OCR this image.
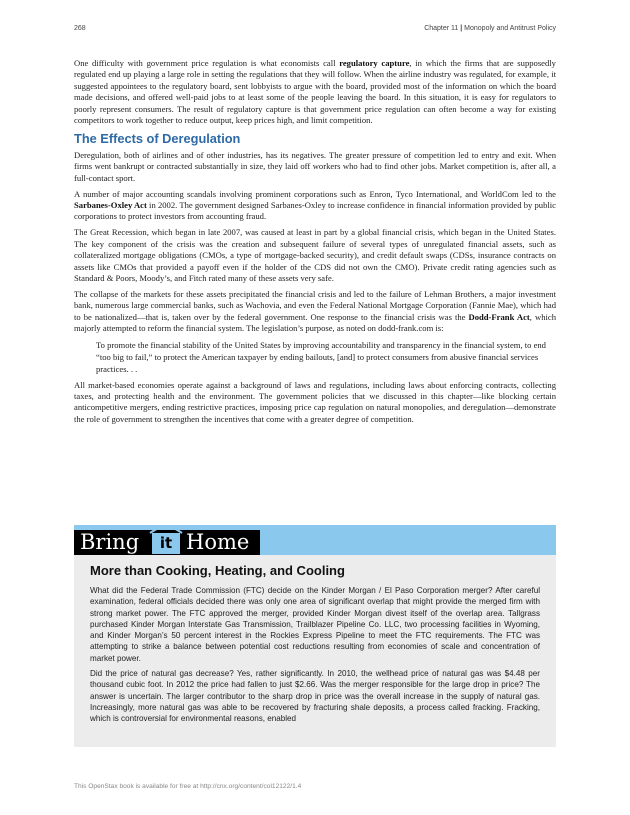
268	Chapter 11 | Monopoly and Antitrust Policy

One difficulty with government price regulation is what economists call regulatory capture, in which the firms that are supposedly regulated end up playing a large role in setting the regulations that they will follow. When the airline industry was regulated, for example, it suggested appointees to the regulatory board, sent lobbyists to argue with the board, provided most of the information on which the board made decisions, and offered well-paid jobs to at least some of the people leaving the board. In this situation, it is easy for regulators to poorly represent consumers. The result of regulatory capture is that government price regulation can often become a way for existing competitors to work together to reduce output, keep prices high, and limit competition.

The Effects of Deregulation

Deregulation, both of airlines and of other industries, has its negatives. The greater pressure of competition led to entry and exit. When firms went bankrupt or contracted substantially in size, they laid off workers who had to find other jobs. Market competition is, after all, a full-contact sport.

A number of major accounting scandals involving prominent corporations such as Enron, Tyco International, and WorldCom led to the Sarbanes-Oxley Act in 2002. The government designed Sarbanes-Oxley to increase confidence in financial information provided by public corporations to protect investors from accounting fraud.

The Great Recession, which began in late 2007, was caused at least in part by a global financial crisis, which began in the United States. The key component of the crisis was the creation and subsequent failure of several types of unregulated financial assets, such as collateralized mortgage obligations (CMOs, a type of mortgage-backed security), and credit default swaps (CDSs, insurance contracts on assets like CMOs that provided a payoff even if the holder of the CDS did not own the CMO). Private credit rating agencies such as Standard & Poors, Moody’s, and Fitch rated many of these assets very safe.

The collapse of the markets for these assets precipitated the financial crisis and led to the failure of Lehman Brothers, a major investment bank, numerous large commercial banks, such as Wachovia, and even the Federal National Mortgage Corporation (Fannie Mae), which had to be nationalized—that is, taken over by the federal government. One response to the financial crisis was the Dodd-Frank Act, which majorly attempted to reform the financial system. The legislation’s purpose, as noted on dodd-frank.com is:

To promote the financial stability of the United States by improving accountability and transparency in the financial system, to end “too big to fail,” to protect the American taxpayer by ending bailouts, [and] to protect consumers from abusive financial services practices. . .

All market-based economies operate against a background of laws and regulations, including laws about enforcing contracts, collecting taxes, and protecting health and the environment. The government policies that we discussed in this chapter—like blocking certain anticompetitive mergers, ending restrictive practices, imposing price cap regulation on natural monopolies, and deregulation—demonstrate the role of government to strengthen the incentives that come with a greater degree of competition.

Bring	it Home
More than Cooking, Heating, and Cooling

What did the Federal Trade Commission (FTC) decide on the Kinder Morgan / El Paso Corporation merger? After careful examination, federal officials decided there was only one area of significant overlap that might provide the merged firm with strong market power. The FTC approved the merger, provided Kinder Morgan divest itself of the overlap area. Tallgrass purchased Kinder Morgan Interstate Gas Transmission, Trailblazer Pipeline Co. LLC, two processing facilities in Wyoming, and Kinder Morgan’s 50 percent interest in the Rockies Express Pipeline to meet the FTC requirements. The FTC was attempting to strike a balance between potential cost reductions resulting from economies of scale and concentration of market power.

Did the price of natural gas decrease? Yes, rather significantly. In 2010, the wellhead price of natural gas was $4.48 per thousand cubic foot. In 2012 the price had fallen to just $2.66. Was the merger responsible for the large drop in price? The answer is uncertain. The larger contributor to the sharp drop in price was the overall increase in the supply of natural gas. Increasingly, more natural gas was able to be recovered by fracturing shale deposits, a process called fracking. Fracking, which is controversial for environmental reasons, enabled

This OpenStax book is available for free at http://cnx.org/content/col12122/1.4
